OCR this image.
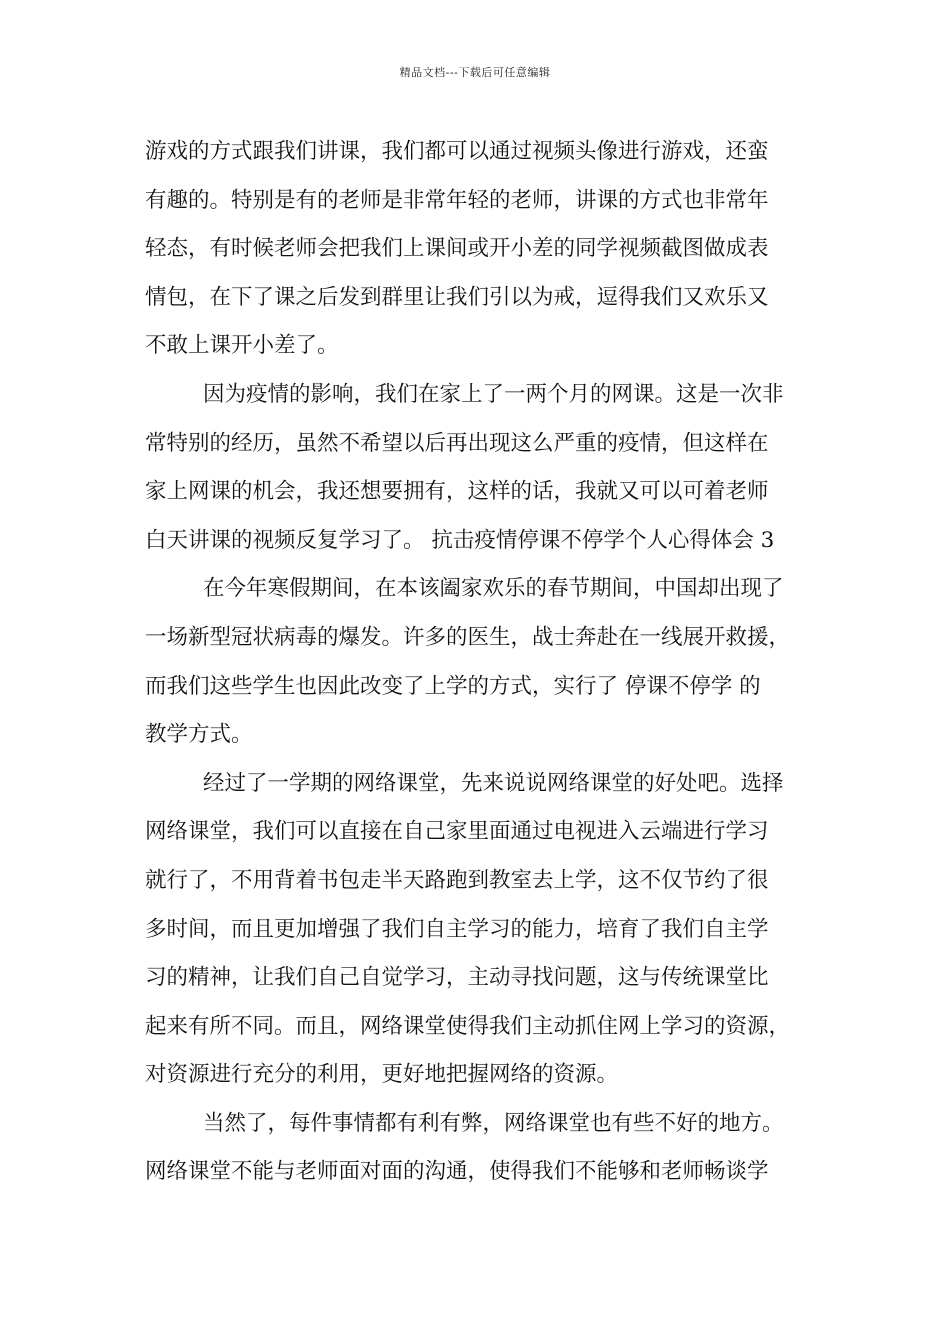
精品文档---下载后可任意编辑
游戏的方式跟我们讲课，我们都可以通过视频头像进行游戏，还蛮
有趣的。特别是有的老师是非常年轻的老师，讲课的方式也非常年
轻态，有时候老师会把我们上课间或开小差的同学视频截图做成表
情包，在下了课之后发到群里让我们引以为戒，逗得我们又欢乐又
不敢上课开小差了。
因为疫情的影响，我们在家上了一两个月的网课。这是一次非
常特别的经历，虽然不希望以后再出现这么严重的疫情，但这样在
家上网课的机会，我还想要拥有，这样的话，我就又可以可着老师
白天讲课的视频反复学习了。 抗击疫情停课不停学个人心得体会 3
在今年寒假期间，在本该阖家欢乐的春节期间，中国却出现了
一场新型冠状病毒的爆发。许多的医生，战士奔赴在一线展开救援，
而我们这些学生也因此改变了上学的方式，实行了 停课不停学 的
教学方式。
经过了一学期的网络课堂，先来说说网络课堂的好处吧。选择
网络课堂，我们可以直接在自己家里面通过电视进入云端进行学习
就行了，不用背着书包走半天路跑到教室去上学，这不仅节约了很
多时间，而且更加增强了我们自主学习的能力，培育了我们自主学
习的精神，让我们自己自觉学习，主动寻找问题，这与传统课堂比
起来有所不同。而且，网络课堂使得我们主动抓住网上学习的资源，
对资源进行充分的利用，更好地把握网络的资源。
当然了，每件事情都有利有弊，网络课堂也有些不好的地方。
网络课堂不能与老师面对面的沟通，使得我们不能够和老师畅谈学
